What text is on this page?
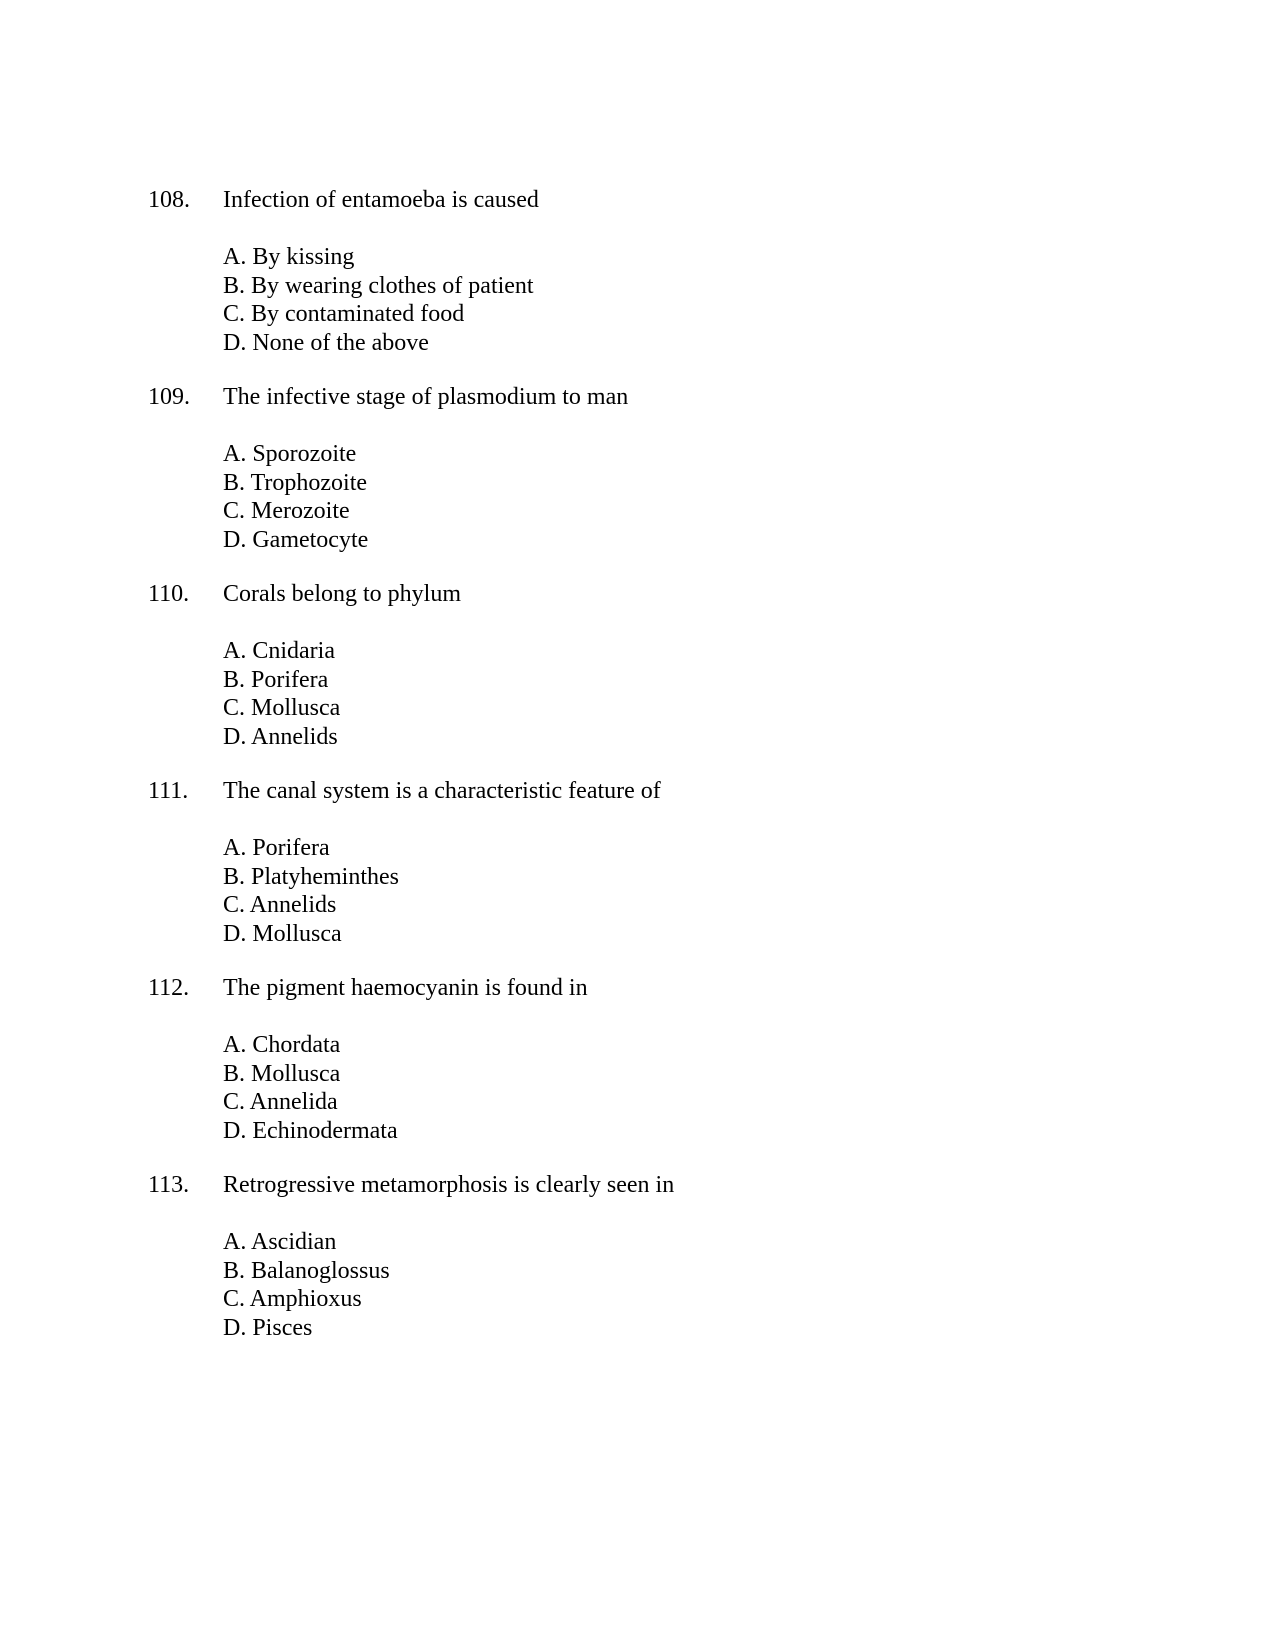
108. Infection of entamoeba is caused
A. By kissing
B. By wearing clothes of patient
C. By contaminated food
D. None of the above
109. The infective stage of plasmodium to man
A. Sporozoite
B. Trophozoite
C. Merozoite
D. Gametocyte
110. Corals belong to phylum
A. Cnidaria
B. Porifera
C. Mollusca
D. Annelids
111. The canal system is a characteristic feature of
A. Porifera
B. Platyheminthes
C. Annelids
D. Mollusca
112. The pigment haemocyanin is found in
A. Chordata
B. Mollusca
C. Annelida
D. Echinodermata
113. Retrogressive metamorphosis is clearly seen in
A. Ascidian
B. Balanoglossus
C. Amphioxus
D. Pisces
